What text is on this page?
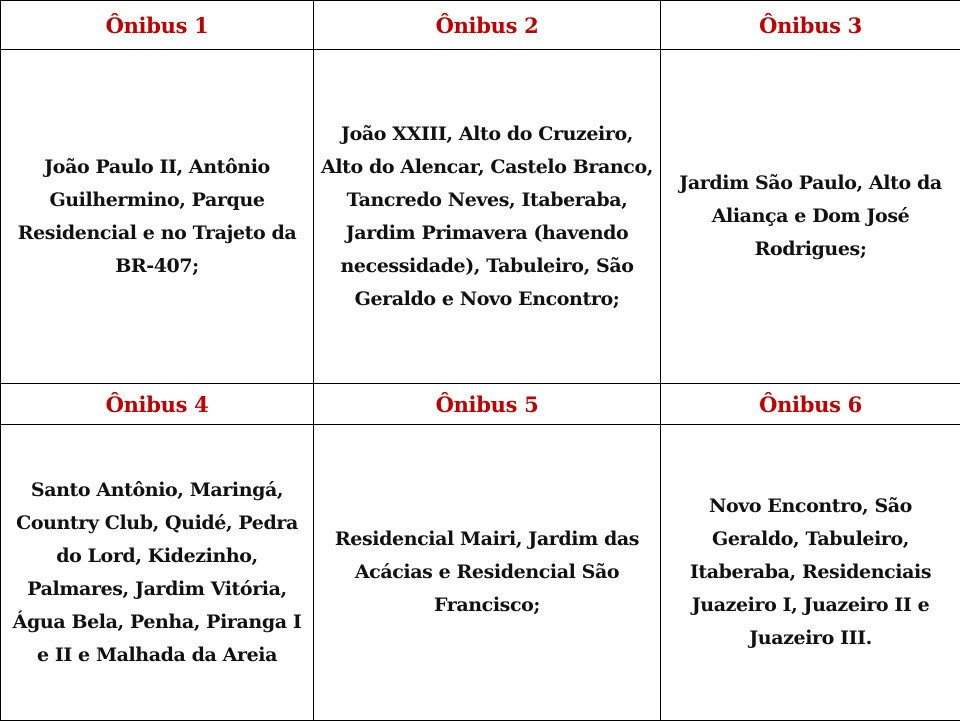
Ônibus 1	Ônibus 2	Ônibus 3
João Paulo II, Antônio Guilhermino, Parque Residencial e no Trajeto da BR-407;	João XXIII, Alto do Cruzeiro, Alto do Alencar, Castelo Branco, Tancredo Neves, Itaberaba, Jardim Primavera (havendo necessidade), Tabuleiro, São Geraldo e Novo Encontro;	Jardim São Paulo, Alto da Aliança e Dom José Rodrigues;
Ônibus 4	Ônibus 5	Ônibus 6
Santo Antônio, Maringá, Country Club, Quidé, Pedra do Lord, Kidezinho, Palmares, Jardim Vitória, Água Bela, Penha, Piranga I e II e Malhada da Areia	Residencial Mairi, Jardim das Acácias e Residencial São Francisco;	Novo Encontro, São Geraldo, Tabuleiro, Itaberaba, Residenciais Juazeiro I, Juazeiro II e Juazeiro III.
